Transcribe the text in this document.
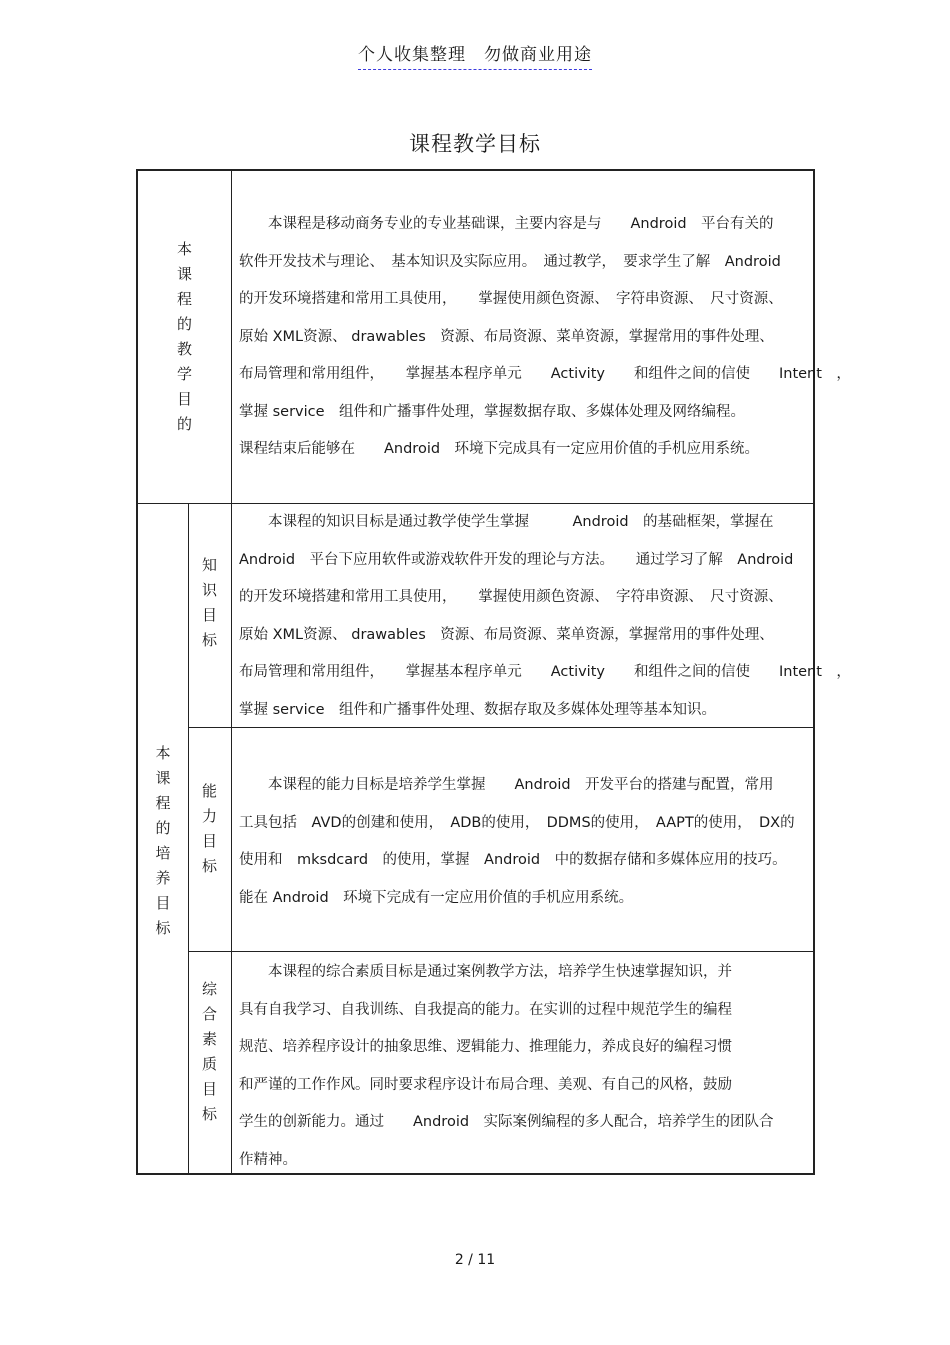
个人收集整理　勿做商业用途
课程教学目标
本
课
程
的
教
学
目
的

　　本课程是移动商务专业的专业基础课，主要内容是与　　Android　平台有关的

软件开发技术与理论、　基本知识及实际应用。　通过教学，　要求学生了解　Android

的开发环境搭建和常用工具使用，　　掌握使用颜色资源、　字符串资源、　尺寸资源、

原始 XML资源、 drawables　资源、布局资源、菜单资源，掌握常用的事件处理、

布局管理和常用组件，　　掌握基本程序单元　　Activity　　和组件之间的信使　　Intent　，

掌握 service　组件和广播事件处理，掌握数据存取、多媒体处理及网络编程。

课程结束后能够在　　Android　环境下完成具有一定应用价值的手机应用系统。

本
课
程
的
培
养
目
标
知
识
目
标

　　本课程的知识目标是通过教学使学生掌握　　　Android　的基础框架，掌握在

Android　平台下应用软件或游戏软件开发的理论与方法。　　通过学习了解　Android

的开发环境搭建和常用工具使用，　　掌握使用颜色资源、　字符串资源、　尺寸资源、

原始 XML资源、 drawables　资源、布局资源、菜单资源，掌握常用的事件处理、

布局管理和常用组件，　　掌握基本程序单元　　Activity　　和组件之间的信使　　Intent　，

掌握 service　组件和广播事件处理、数据存取及多媒体处理等基本知识。

能
力
目
标

　　本课程的能力目标是培养学生掌握　　Android　开发平台的搭建与配置，常用

工具包括　AVD的创建和使用，　ADB的使用，　DDMS的使用，　AAPT的使用，　DX的

使用和　mksdcard　的使用，掌握　Android　中的数据存储和多媒体应用的技巧。

能在 Android　环境下完成有一定应用价值的手机应用系统。

综
合
素
质
目
标

　　本课程的综合素质目标是通过案例教学方法，培养学生快速掌握知识，并

具有自我学习、自我训练、自我提高的能力。在实训的过程中规范学生的编程

规范、培养程序设计的抽象思维、逻辑能力、推理能力，养成良好的编程习惯

和严谨的工作作风。同时要求程序设计布局合理、美观、有自己的风格，鼓励

学生的创新能力。通过　　Android　实际案例编程的多人配合，培养学生的团队合

作精神。

2 / 11
